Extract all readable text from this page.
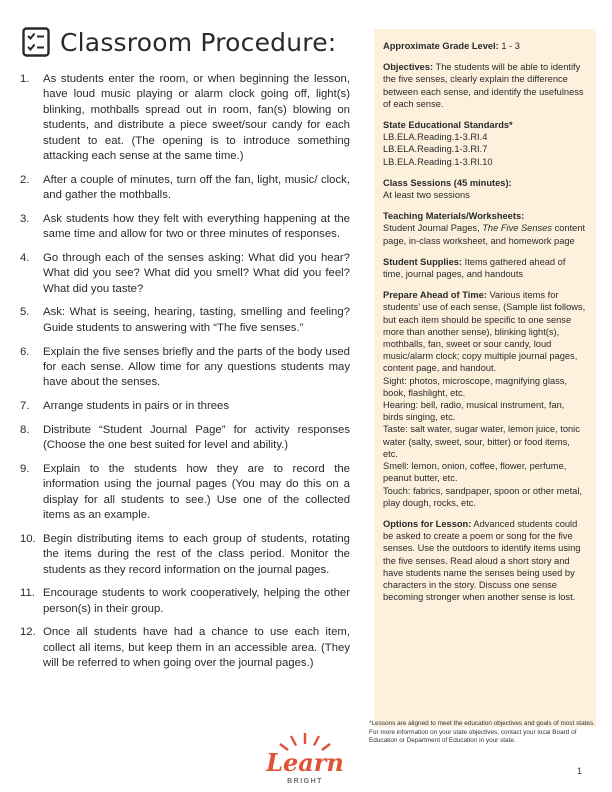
Classroom Procedure:
1.	As students enter the room, or when beginning the lesson, have loud music playing or alarm clock going off, light(s) blinking, mothballs spread out in room, fan(s) blowing on students, and distribute a piece sweet/sour candy for each student to eat. (The opening is to introduce something attacking each sense at the same time.)
2.	After a couple of minutes, turn off the fan, light, music/ clock, and gather the mothballs.
3.	Ask students how they felt with everything happening at the same time and allow for two or three minutes of responses.
4.	Go through each of the senses asking: What did you hear? What did you see? What did you smell? What did you feel? What did you taste?
5.	Ask: What is seeing, hearing, tasting, smelling and feeling? Guide students to answering with “The five senses.”
6.	Explain the five senses briefly and the parts of the body used for each sense. Allow time for any questions students may have about the senses.
7.	Arrange students in pairs or in threes
8.	Distribute “Student Journal Page” for activity responses (Choose the one best suited for level and ability.)
9.	Explain to the students how they are to record the information using the journal pages (You may do this on a display for all students to see.) Use one of the collected items as an example.
10. Begin distributing items to each group of students, rotating the items during the rest of the class period. Monitor the students as they record information on the journal pages.
11. Encourage students to work cooperatively, helping the other person(s) in their group.
12. Once all students have had a chance to use each item, collect all items, but keep them in an accessible area. (They will be referred to when going over the journal pages.)
Approximate Grade Level: 1 - 3
Objectives: The students will be able to identify the five senses, clearly explain the difference between each sense, and identify the usefulness of each sense.
State Educational Standards*
LB.ELA.Reading.1-3.RI.4
LB.ELA.Reading.1-3.RI.7
LB.ELA.Reading.1-3.RI.10
Class Sessions (45 minutes):
At least two sessions
Teaching Materials/Worksheets:
Student Journal Pages, The Five Senses content page, in-class worksheet, and homework page
Student Supplies: Items gathered ahead of time, journal pages, and handouts
Prepare Ahead of Time: Various items for students’ use of each sense, (Sample list follows, but each item should be specific to one sense more than another sense), blinking light(s), mothballs, fan, sweet or sour candy, loud music/alarm clock; copy multiple journal pages, content page, and handout.
Sight: photos, microscope, magnifying glass, book, flashlight, etc.
Hearing: bell, radio, musical instrument, fan, birds singing, etc.
Taste: salt water, sugar water, lemon juice, tonic water (salty, sweet, sour, bitter) or food items, etc.
Smell: lemon, onion, coffee, flower, perfume, peanut butter, etc.
Touch: fabrics, sandpaper, spoon or other metal, play dough, rocks, etc.
Options for Lesson: Advanced students could be asked to create a poem or song for the five senses. Use the outdoors to identify items using the five senses. Read aloud a short story and have students name the senses being used by characters in the story. Discuss one sense becoming stronger when another sense is lost.
*Lessons are aligned to meet the education objectives and goals of most states. For more information on your state objectives, contact your local Board of Education or Department of Education in your state.
Learn
BRIGHT
1
